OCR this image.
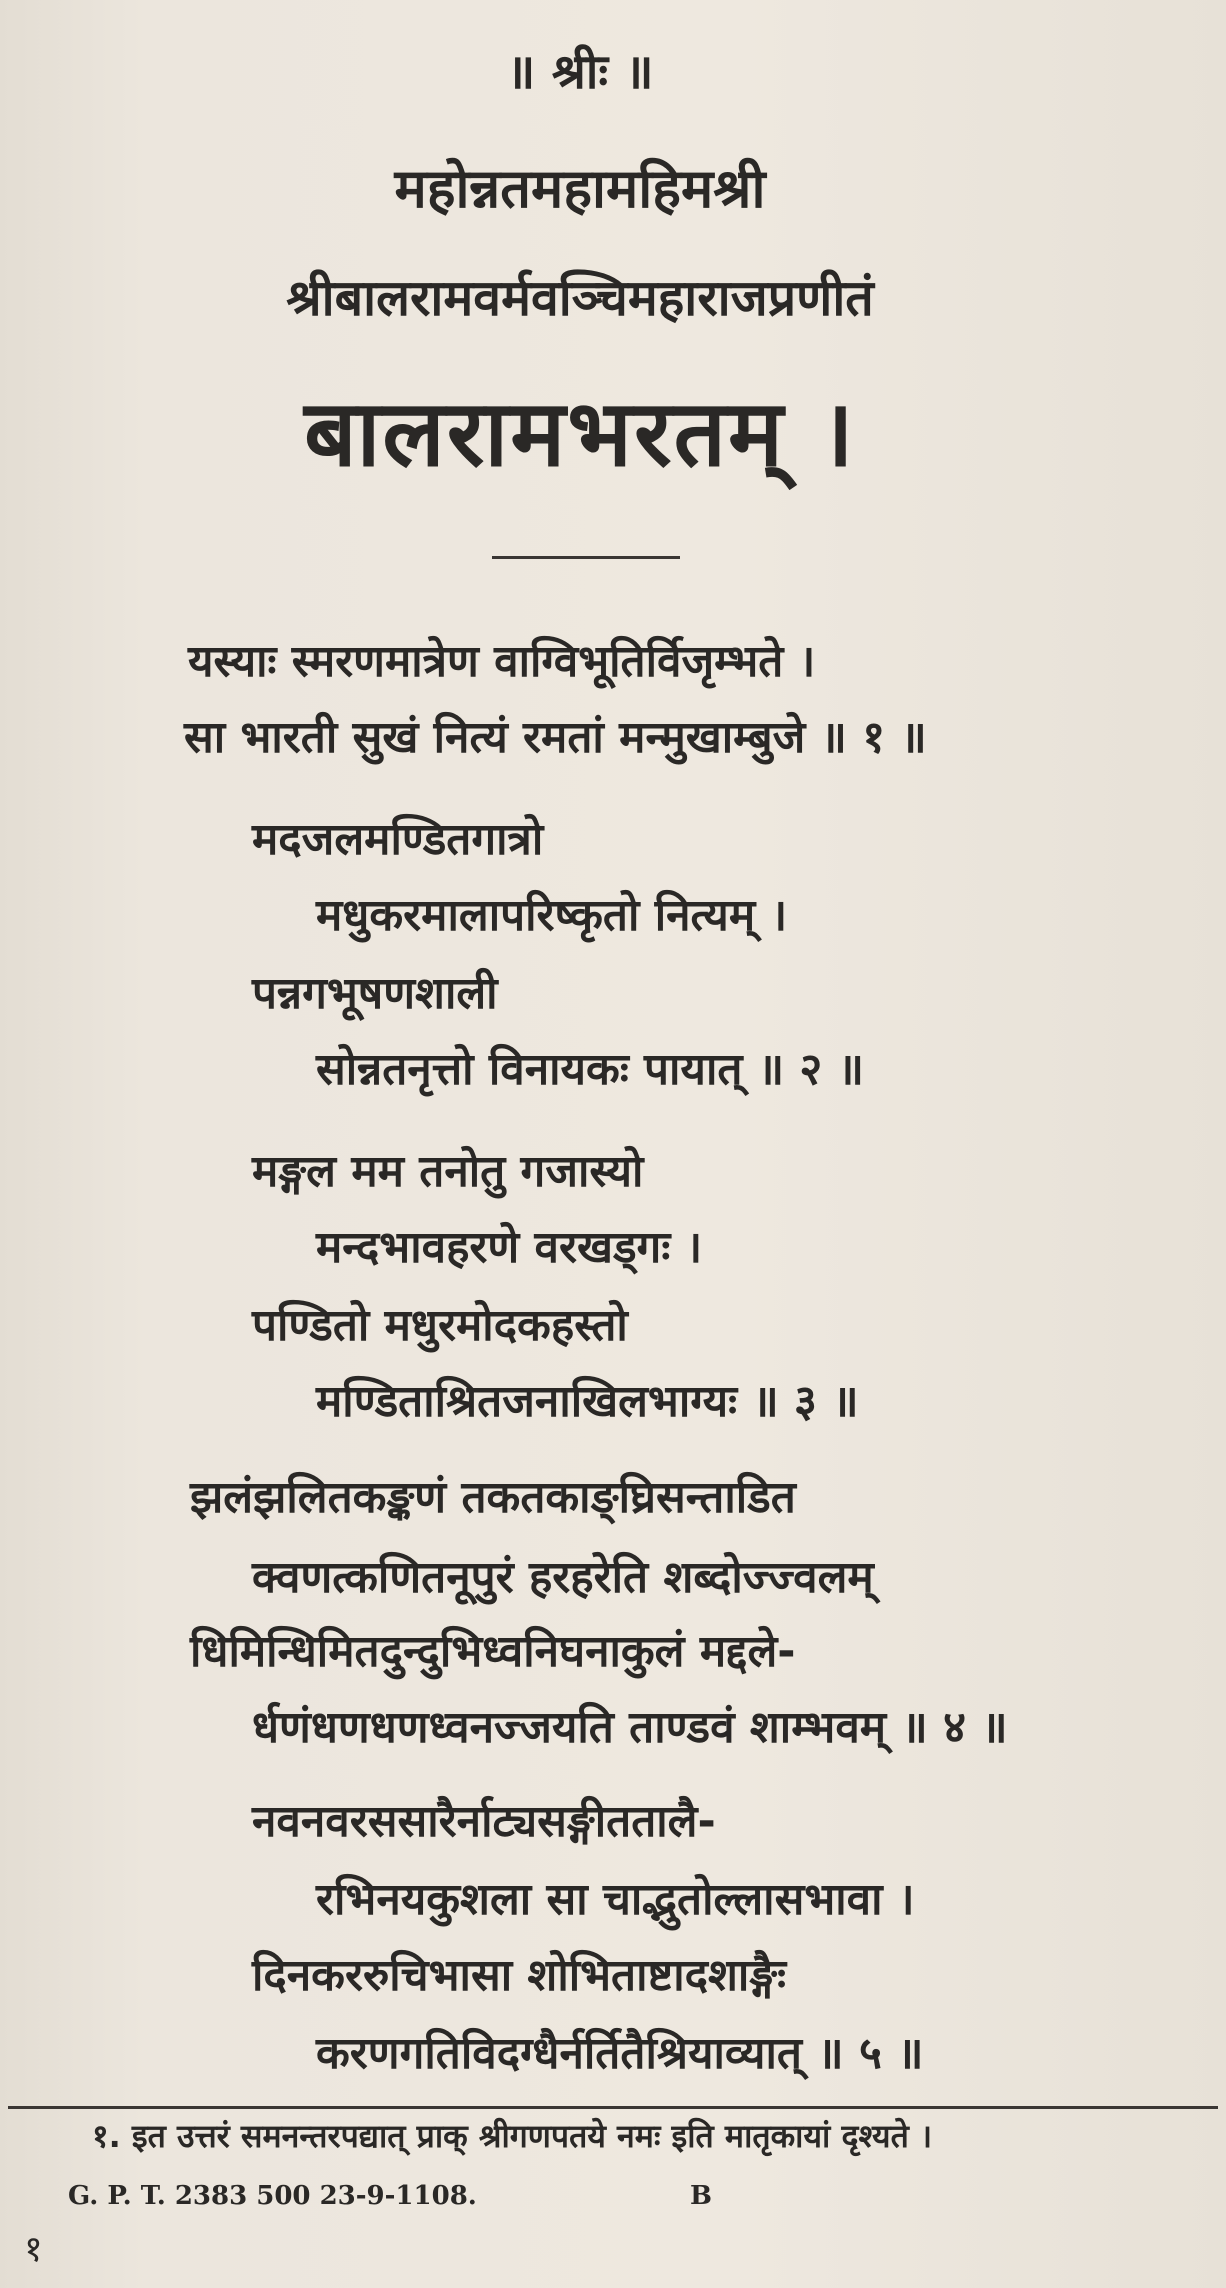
॥ श्रीः ॥
महोन्नतमहामहिमश्री
श्रीबालरामवर्मवञ्चिमहाराजप्रणीतं
बालरामभरतम् ।
यस्याः स्मरणमात्रेण वाग्विभूतिर्विजृम्भते ।
सा भारती सुखं नित्यं रमतां मन्मुखाम्बुजे ॥ १ ॥
मदजलमण्डितगात्रो
मधुकरमालापरिष्कृतो नित्यम् ।
पन्नगभूषणशाली
सोन्नतनृत्तो विनायकः पायात् ॥ २ ॥
मङ्गल मम तनोतु गजास्यो
मन्दभावहरणे वरखड्गः ।
पण्डितो मधुरमोदकहस्तो
मण्डिताश्रितजनाखिलभाग्यः ॥ ३ ॥
झलंझलितकङ्कणं तकतकाङ्घ्रिसन्ताडित
क्वणत्कणितनूपुरं हरहरेति शब्दोज्ज्वलम्
धिमिन्धिमितदुन्दुभिध्वनिघनाकुलं मद्दले-
र्धणंधणधणध्वनज्जयति ताण्डवं शाम्भवम् ॥ ४ ॥
नवनवरससारैर्नाट्यसङ्गीततालै-
रभिनयकुशला सा चाद्भुतोल्लासभावा ।
दिनकररुचिभासा शोभिताष्टादशाङ्गैः
करणगतिविदग्धैर्नर्तितैश्रियाव्यात् ॥ ५ ॥
१. इत उत्तरं समनन्तरपद्यात् प्राक् श्रीगणपतये नमः इति मातृकायां दृश्यते ।
G. P. T. 2383 500 23-9-1108.	B
१
